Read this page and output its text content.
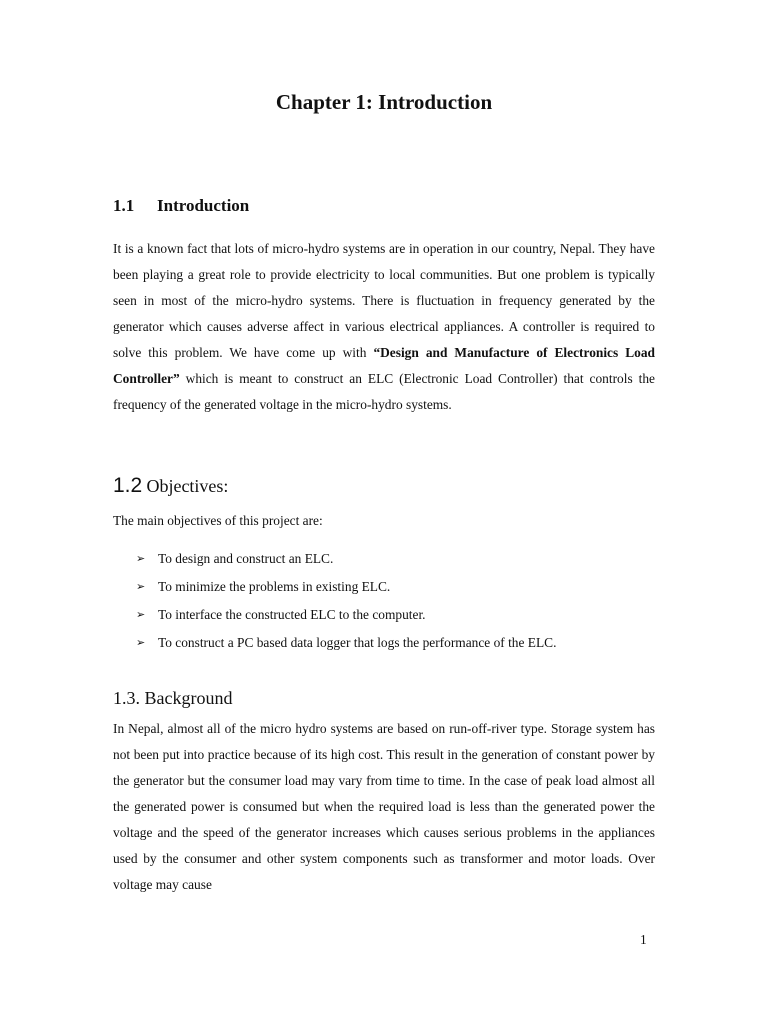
Chapter 1: Introduction
1.1 Introduction

It is a known fact that lots of micro-hydro systems are in operation in our country, Nepal. They have been playing a great role to provide electricity to local communities. But one problem is typically seen in most of the micro-hydro systems. There is fluctuation in frequency generated by the generator which causes adverse affect in various electrical appliances. A controller is required to solve this problem. We have come up with “Design and Manufacture of Electronics Load Controller” which is meant to construct an ELC (Electronic Load Controller) that controls the frequency of the generated voltage in the micro-hydro systems.

1.2 Objectives:

The main objectives of this project are:

➢ To design and construct an ELC.
➢ To minimize the problems in existing ELC.
➢ To interface the constructed ELC to the computer.
➢ To construct a PC based data logger that logs the performance of the ELC.
1.3. Background

In Nepal, almost all of the micro hydro systems are based on run-off-river type. Storage system has not been put into practice because of its high cost. This result in the generation of constant power by the generator but the consumer load may vary from time to time. In the case of peak load almost all the generated power is consumed but when the required load is less than the generated power the voltage and the speed of the generator increases which causes serious problems in the appliances used by the consumer and other system components such as transformer and motor loads. Over voltage may cause

1
